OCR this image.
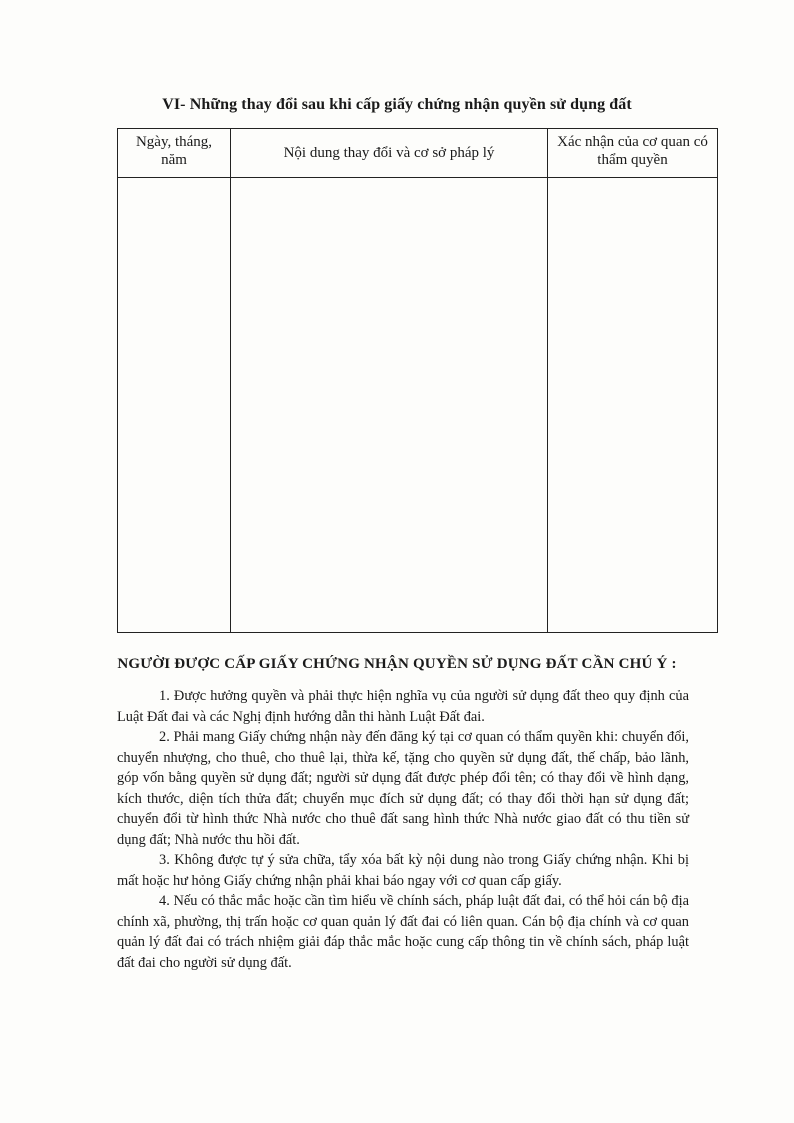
VI- Những thay đổi sau khi cấp giấy chứng nhận quyền sử dụng đất
Ngày, tháng, năm	Nội dung thay đổi và cơ sở pháp lý	Xác nhận của cơ quan có thẩm quyền

NGƯỜI ĐƯỢC CẤP GIẤY CHỨNG NHẬN QUYỀN SỬ DỤNG ĐẤT CẦN CHÚ Ý :

1. Được hưởng quyền và phải thực hiện nghĩa vụ của người sử dụng đất theo quy định của Luật Đất đai và các Nghị định hướng dẫn thi hành Luật Đất đai.

2. Phải mang Giấy chứng nhận này đến đăng ký tại cơ quan có thẩm quyền khi: chuyển đổi, chuyển nhượng, cho thuê, cho thuê lại, thừa kế, tặng cho quyền sử dụng đất, thế chấp, bảo lãnh, góp vốn bằng quyền sử dụng đất; người sử dụng đất được phép đổi tên; có thay đổi về hình dạng, kích thước, diện tích thửa đất; chuyển mục đích sử dụng đất; có thay đổi thời hạn sử dụng đất; chuyển đổi từ hình thức Nhà nước cho thuê đất sang hình thức Nhà nước giao đất có thu tiền sử dụng đất; Nhà nước thu hồi đất.

3. Không được tự ý sửa chữa, tẩy xóa bất kỳ nội dung nào trong Giấy chứng nhận. Khi bị mất hoặc hư hỏng Giấy chứng nhận phải khai báo ngay với cơ quan cấp giấy.

4. Nếu có thắc mắc hoặc cần tìm hiểu về chính sách, pháp luật đất đai, có thể hỏi cán bộ địa chính xã, phường, thị trấn hoặc cơ quan quản lý đất đai có liên quan. Cán bộ địa chính và cơ quan quản lý đất đai có trách nhiệm giải đáp thắc mắc hoặc cung cấp thông tin về chính sách, pháp luật đất đai cho người sử dụng đất.
